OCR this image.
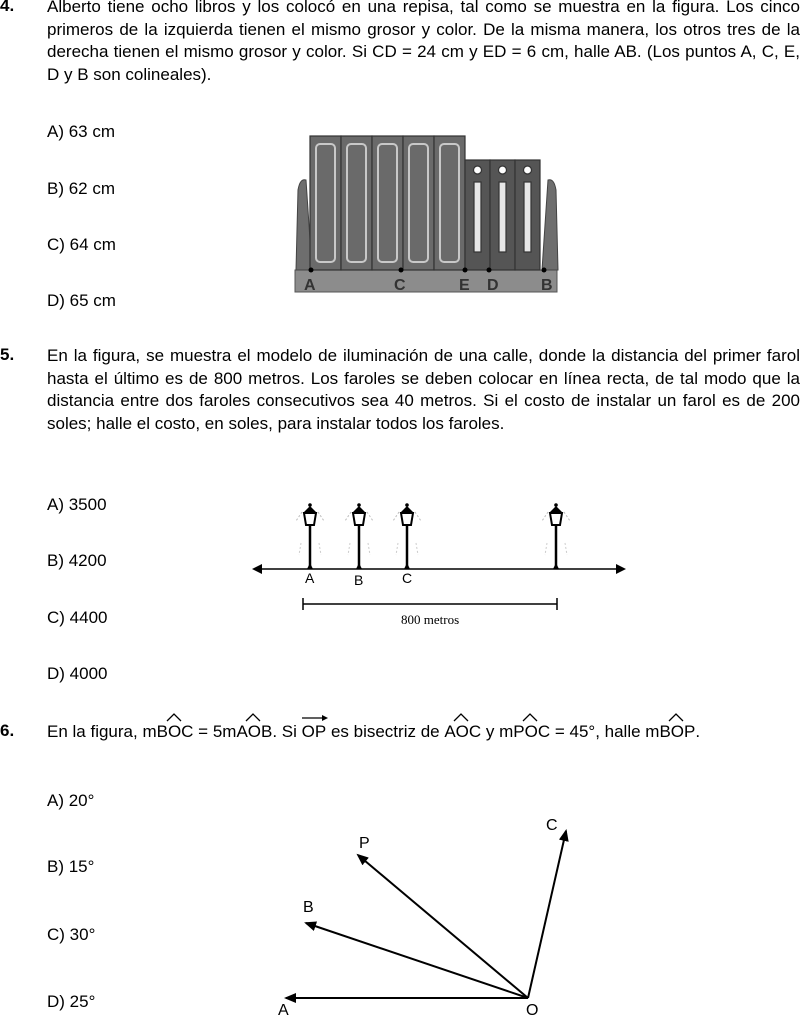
4. Alberto tiene ocho libros y los colocó en una repisa, tal como se muestra en la figura. Los cinco primeros de la izquierda tienen el mismo grosor y color. De la misma manera, los otros tres de la derecha tienen el mismo grosor y color. Si CD = 24 cm y ED = 6 cm, halle AB. (Los puntos A, C, E, D y B son colineales).
A) 63 cm
B) 62 cm
C) 64 cm
D) 65 cm
A	C	E D	B
5. En la figura, se muestra el modelo de iluminación de una calle, donde la distancia del primer farol hasta el último es de 800 metros. Los faroles se deben colocar en línea recta, de tal modo que la distancia entre dos faroles consecutivos sea 40 metros. Si el costo de instalar un farol es de 200 soles; halle el costo, en soles, para instalar todos los faroles.
A) 3500
B) 4200
C) 4400
D) 4000
A	B	C
800 metros
6. En la figura, mBOC
= 5mAOB
. Si OP
es bisectriz de AOC
y mPOC
= 45°, halle mBOP
.
A) 20°
B) 15°
C) 30°
D) 25°	A
B
P
C
O
